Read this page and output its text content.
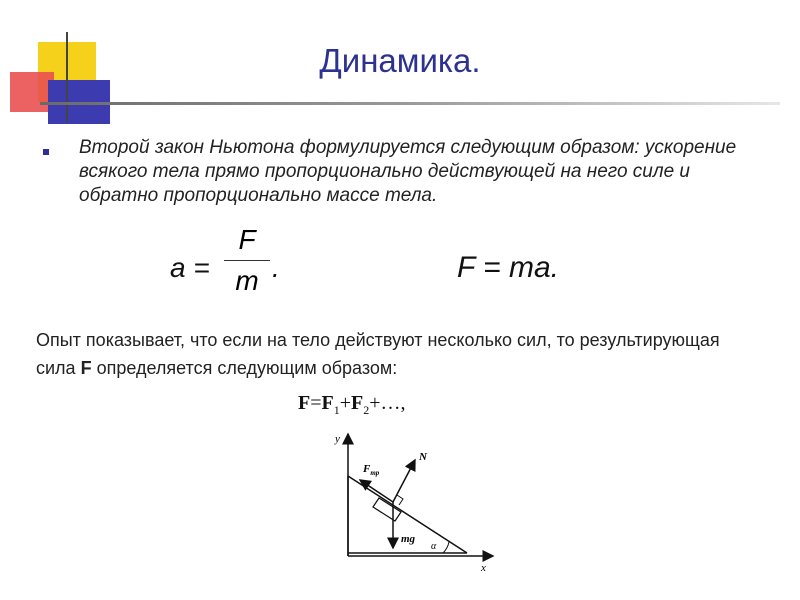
Динамика.
Второй закон Ньютона формулируется следующим образом: ускорение всякого тела прямо пропорционально действующей на него силе и обратно пропорционально массе тела.
a =
F
m .	F = ma.
Опыт показывает, что если на тело действуют несколько сил, то результирующая сила F определяется следующим образом:
$F=F_1+F_2+\dots$,
y
x
N
$F_{тр}$
mg
α
